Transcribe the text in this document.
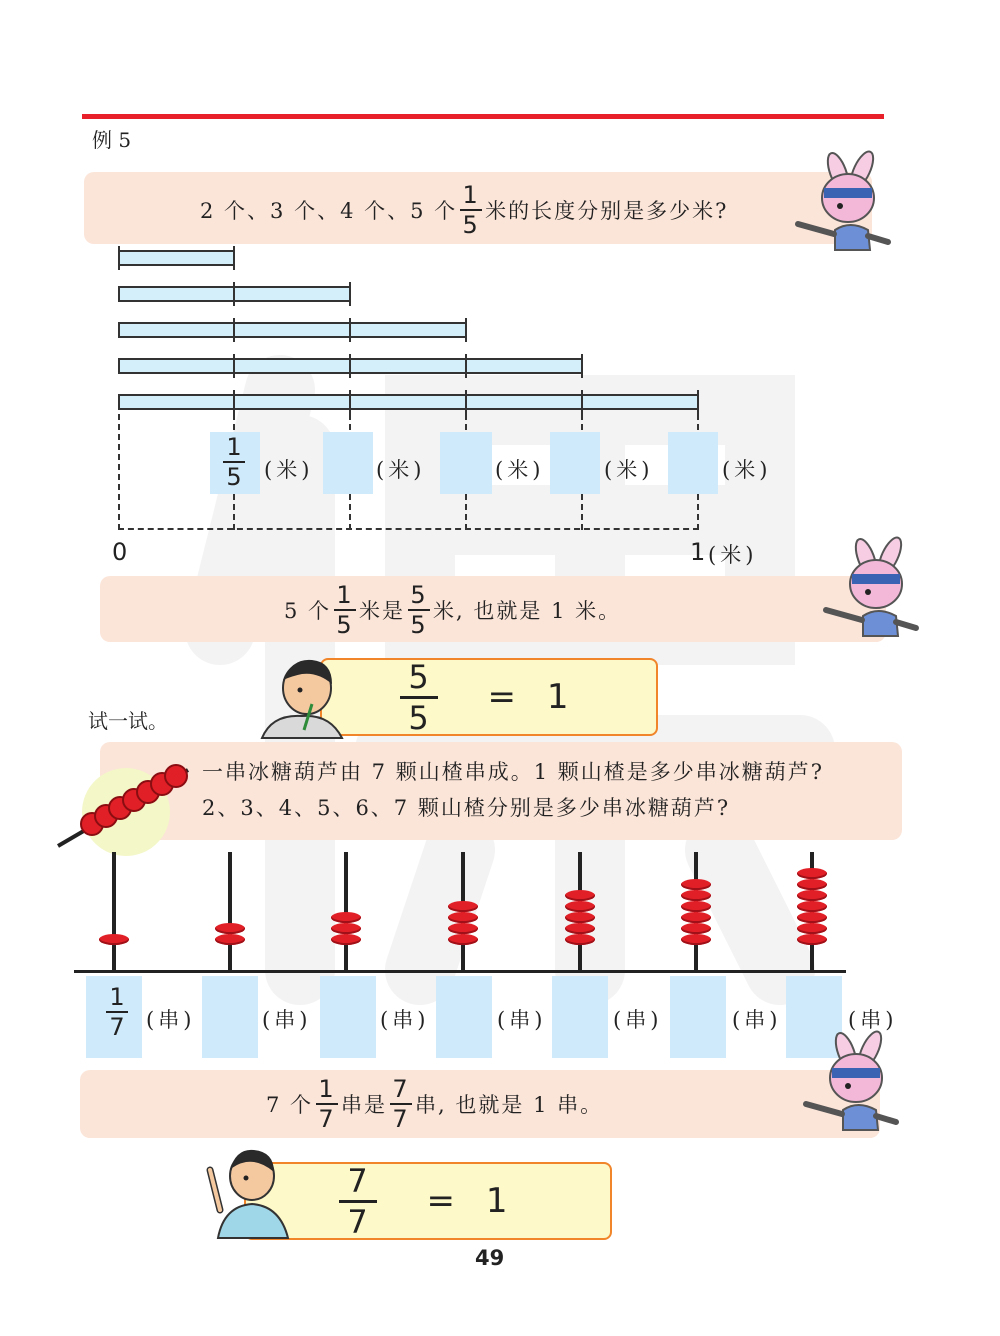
例 5
2 个、3 个、4 个、5 个 $\frac{1}{5}$ 米的长度分别是多少米?
1
5 (米)	(米)	(米)	(米)	(米)
0	1 (米)
5 个 $\frac{1}{5}$ 米是 $\frac{5}{5}$ 米, 也就是 1 米。
5
5
= 1
试一试。
一串冰糖葫芦由 7 颗山楂串成。1 颗山楂是多少串冰糖葫芦?
2、3、4、5、6、7 颗山楂分别是多少串冰糖葫芦?
1
7 (串)	(串)	(串)	(串)	(串)	(串)	(串)
7 个 $\frac{1}{7}$ 串是 $\frac{7}{7}$ 串, 也就是 1 串。
7
7
= 1
49
